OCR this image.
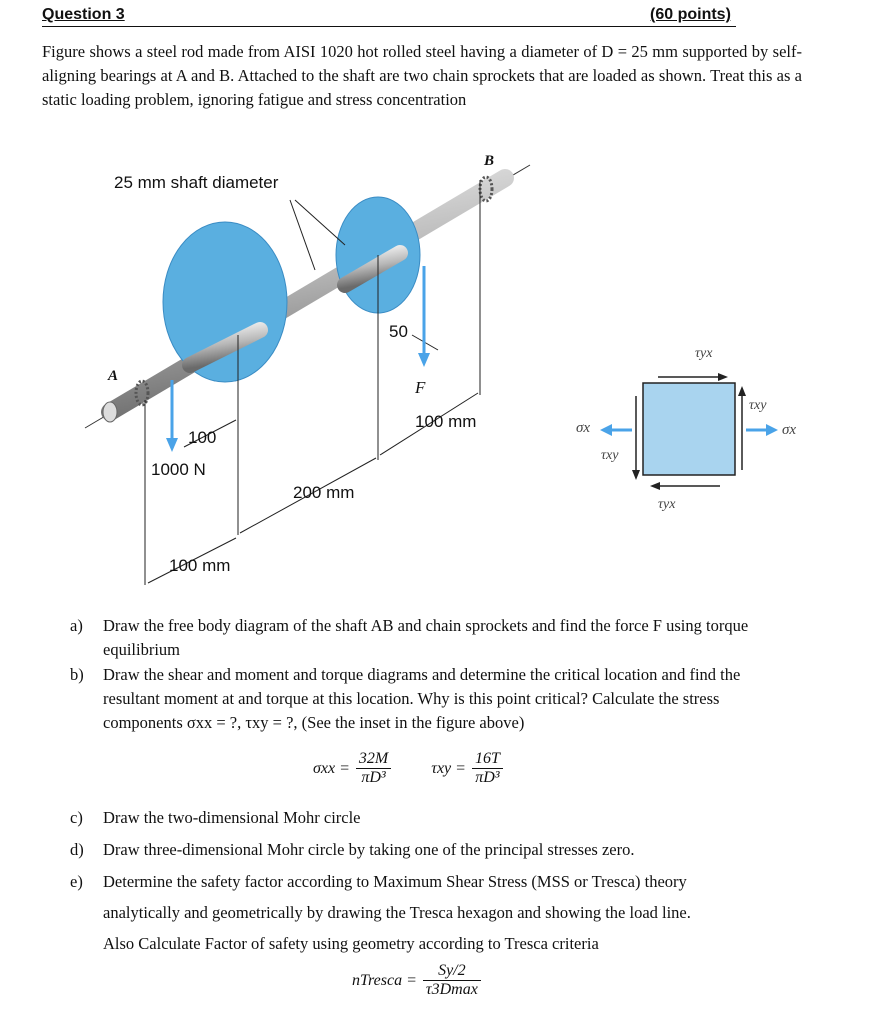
Question 3	(60 points)
Figure shows a steel rod made from AISI 1020 hot rolled steel having a diameter of D = 25 mm supported by self-aligning bearings at A and B. Attached to the shaft are two chain sprockets that are loaded as shown. Treat this as a static loading problem, ignoring fatigue and stress concentration
25 mm shaft diameter
A
B
50
F
100 mm
100
1000 N
200 mm
100 mm
τyx
τxy
σx
σx
τxy
τyx
a)	Draw the free body diagram of the shaft AB and chain sprockets and find the force F using torque equilibrium
b)	Draw the shear and moment and torque diagrams and determine the critical location and find the resultant moment at and torque at this location. Why is this point critical? Calculate the stress components σxx = ?, τxy = ?, (See the inset in the figure above)
$\sigma xx = \frac{32M}{\text{πD³}}$	$\tau xy = \frac{16T}{\text{πD³}}$
c)	Draw the two-dimensional Mohr circle
d)	Draw three-dimensional Mohr circle by taking one of the principal stresses zero.
e)	Determine the safety factor according to Maximum Shear Stress (MSS or Tresca) theory
analytically and geometrically by drawing the Tresca hexagon and showing the load line.
Also Calculate Factor of safety using geometry according to Tresca criteria
nTresca = $\frac{Sy/2}{\tau 3Dmax}$
